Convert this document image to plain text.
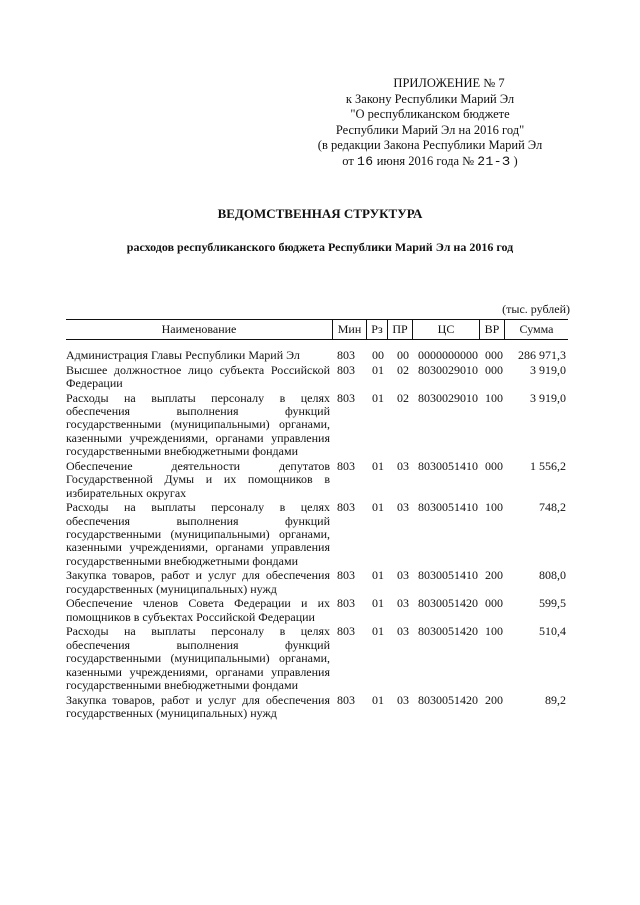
ПРИЛОЖЕНИЕ № 7
к Закону Республики Марий Эл
"О республиканском бюджете
Республики Марий Эл на 2016 год"
(в редакции Закона Республики Марий Эл
от 16 июня 2016 года № 21-З )
ВЕДОМСТВЕННАЯ СТРУКТУРА
расходов республиканского бюджета Республики Марий Эл на 2016 год
(тыс. рублей)
Наименование	Мин Рз ПР	ЦС	ВР	Сумма
Администрация Главы Республики Марий Эл	803 00 00 0000000000 000 286 971,3
Высшее должностное лицо субъекта Российской Федерации
803 01 02 8030029010 000 3 919,0
Расходы на выплаты персоналу в целях обеспечения выполнения функций государственными (муниципальными) органами, казенными учреждениями, органами управления государственными внебюджетными фондами
803 01 02 8030029010 100 3 919,0
Обеспечение деятельности депутатов Государственной Думы и их помощников в избирательных округах
803 01 03 8030051410 000 1 556,2
Расходы на выплаты персоналу в целях обеспечения выполнения функций государственными (муниципальными) органами, казенными учреждениями, органами управления государственными внебюджетными фондами
803 01 03 8030051410 100	748,2
Закупка товаров, работ и услуг для обеспечения государственных (муниципальных) нужд
803 01 03 8030051410 200	808,0
Обеспечение членов Совета Федерации и их помощников в субъектах Российской Федерации
803 01 03 8030051420 000	599,5
Расходы на выплаты персоналу в целях обеспечения выполнения функций государственными (муниципальными) органами, казенными учреждениями, органами управления государственными внебюджетными фондами
803 01 03 8030051420 100	510,4
Закупка товаров, работ и услуг для обеспечения государственных (муниципальных) нужд
803 01 03 8030051420 200	89,2
